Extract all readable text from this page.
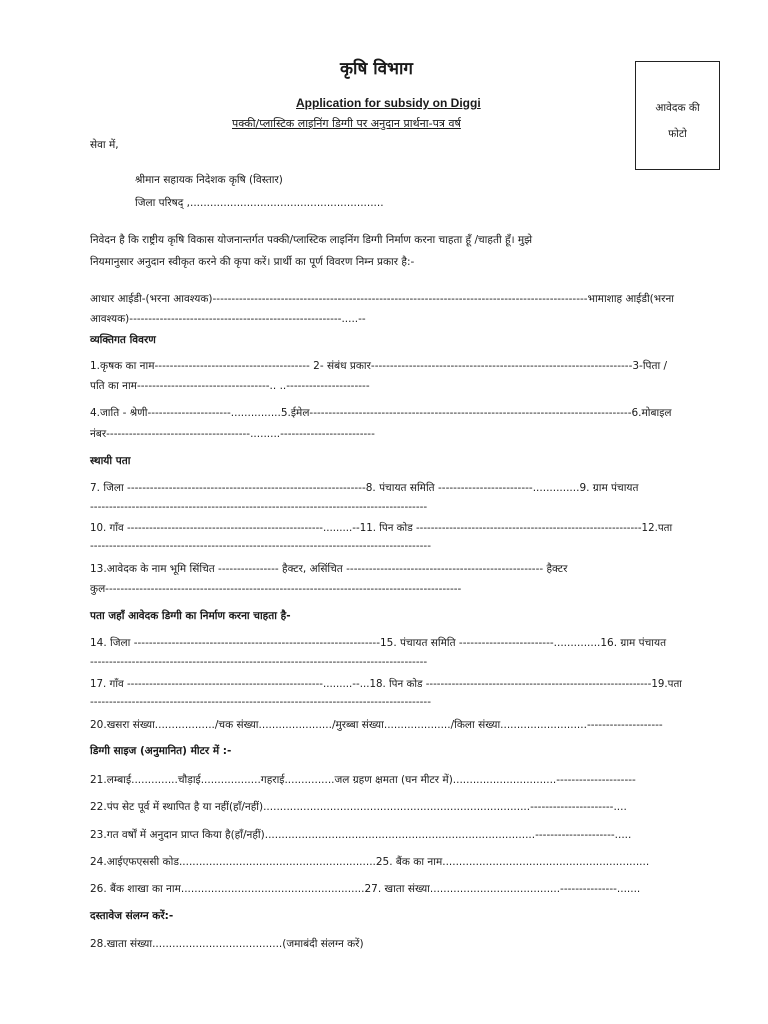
कृषि विभाग
Application for subsidy on Diggi
पक्की/प्लास्टिक लाइनिंग डिग्गी पर अनुदान प्रार्थना-पत्र वर्ष
आवेदक की
फोटो
सेवा में,
श्रीमान सहायक निदेशक कृषि (विस्तार)
जिला परिषद् ,..........................................................
निवेदन है कि राष्ट्रीय कृषि विकास योजनान्तर्गत पक्की/प्लास्टिक लाइनिंग डिग्गी निर्माण करना चाहता हूँ /चाहती हूँ। मुझे
नियमानुसार अनुदान स्वीकृत करने की कृपा करें। प्रार्थी का पूर्ण विवरण निम्न प्रकार है:-
आधार आईडी-(भरना आवश्यक)---------------------------------------------------------------------------------------------------भामाशाह आईडी(भरना
आवश्यक)--------------------------------------------------------.....--
व्यक्तिगत विवरण
1.कृषक का नाम----------------------------------------- 2- संबंध प्रकार---------------------------------------------------------------------3-पिता /
पति का नाम-----------------------------------.. ..----------------------
4.जाति - श्रेणी----------------------...............5.ईमेल-------------------------------------------------------------------------------------6.मोबाइल
नंबर--------------------------------------.........-------------------------
स्थायी पता
7. जिला ---------------------------------------------------------------8. पंचायत समिति -------------------------..............9. ग्राम पंचायत
-----------------------------------------------------------------------------------------
10. गाँव -----------------------------------------------------.........--11. पिन कोड -------------------------------------------------------------12.पता
------------------------------------------------------------------------------------------
13.आवेदक के नाम भूमि सिंचित ---------------- हैक्टर, असिंचित ---------------------------------------------------- हैक्टर
कुल----------------------------------------------------------------------------------------------
पता जहाँ आवेदक डिग्गी का निर्माण करना चाहता है-
14. जिला -----------------------------------------------------------------15. पंचायत समिति -------------------------..............16. ग्राम पंचायत
-----------------------------------------------------------------------------------------
17. गाँव -----------------------------------------------------.........--...18. पिन कोड -------------------------------------------------------------19.पता
------------------------------------------------------------------------------------------
20.खसरा संख्या................../चक संख्या....................../मुरब्बा संख्या..................../किला संख्या..........................--------------------
डिग्गी साइज (अनुमानित) मीटर में :-
21.लम्बाई..............चौड़ाई..................गहराई...............जल ग्रहण क्षमता (घन मीटर में)...............................---------------------
22.पंप सेट पूर्व में स्थापित है या नहीं(हाँ/नहीं)................................................................................----------------------....
23.गत वर्षों में अनुदान प्राप्त किया है(हाँ/नहीं).................................................................................---------------------.....
24.आईएफएससी कोड...........................................................25. बैंक का नाम..............................................................
26. बैंक शाखा का नाम.......................................................27. खाता संख्या.......................................---------------.......
दस्तावेज संलग्न करें:-
28.खाता संख्या.......................................(जमाबंदी संलग्न करें)
